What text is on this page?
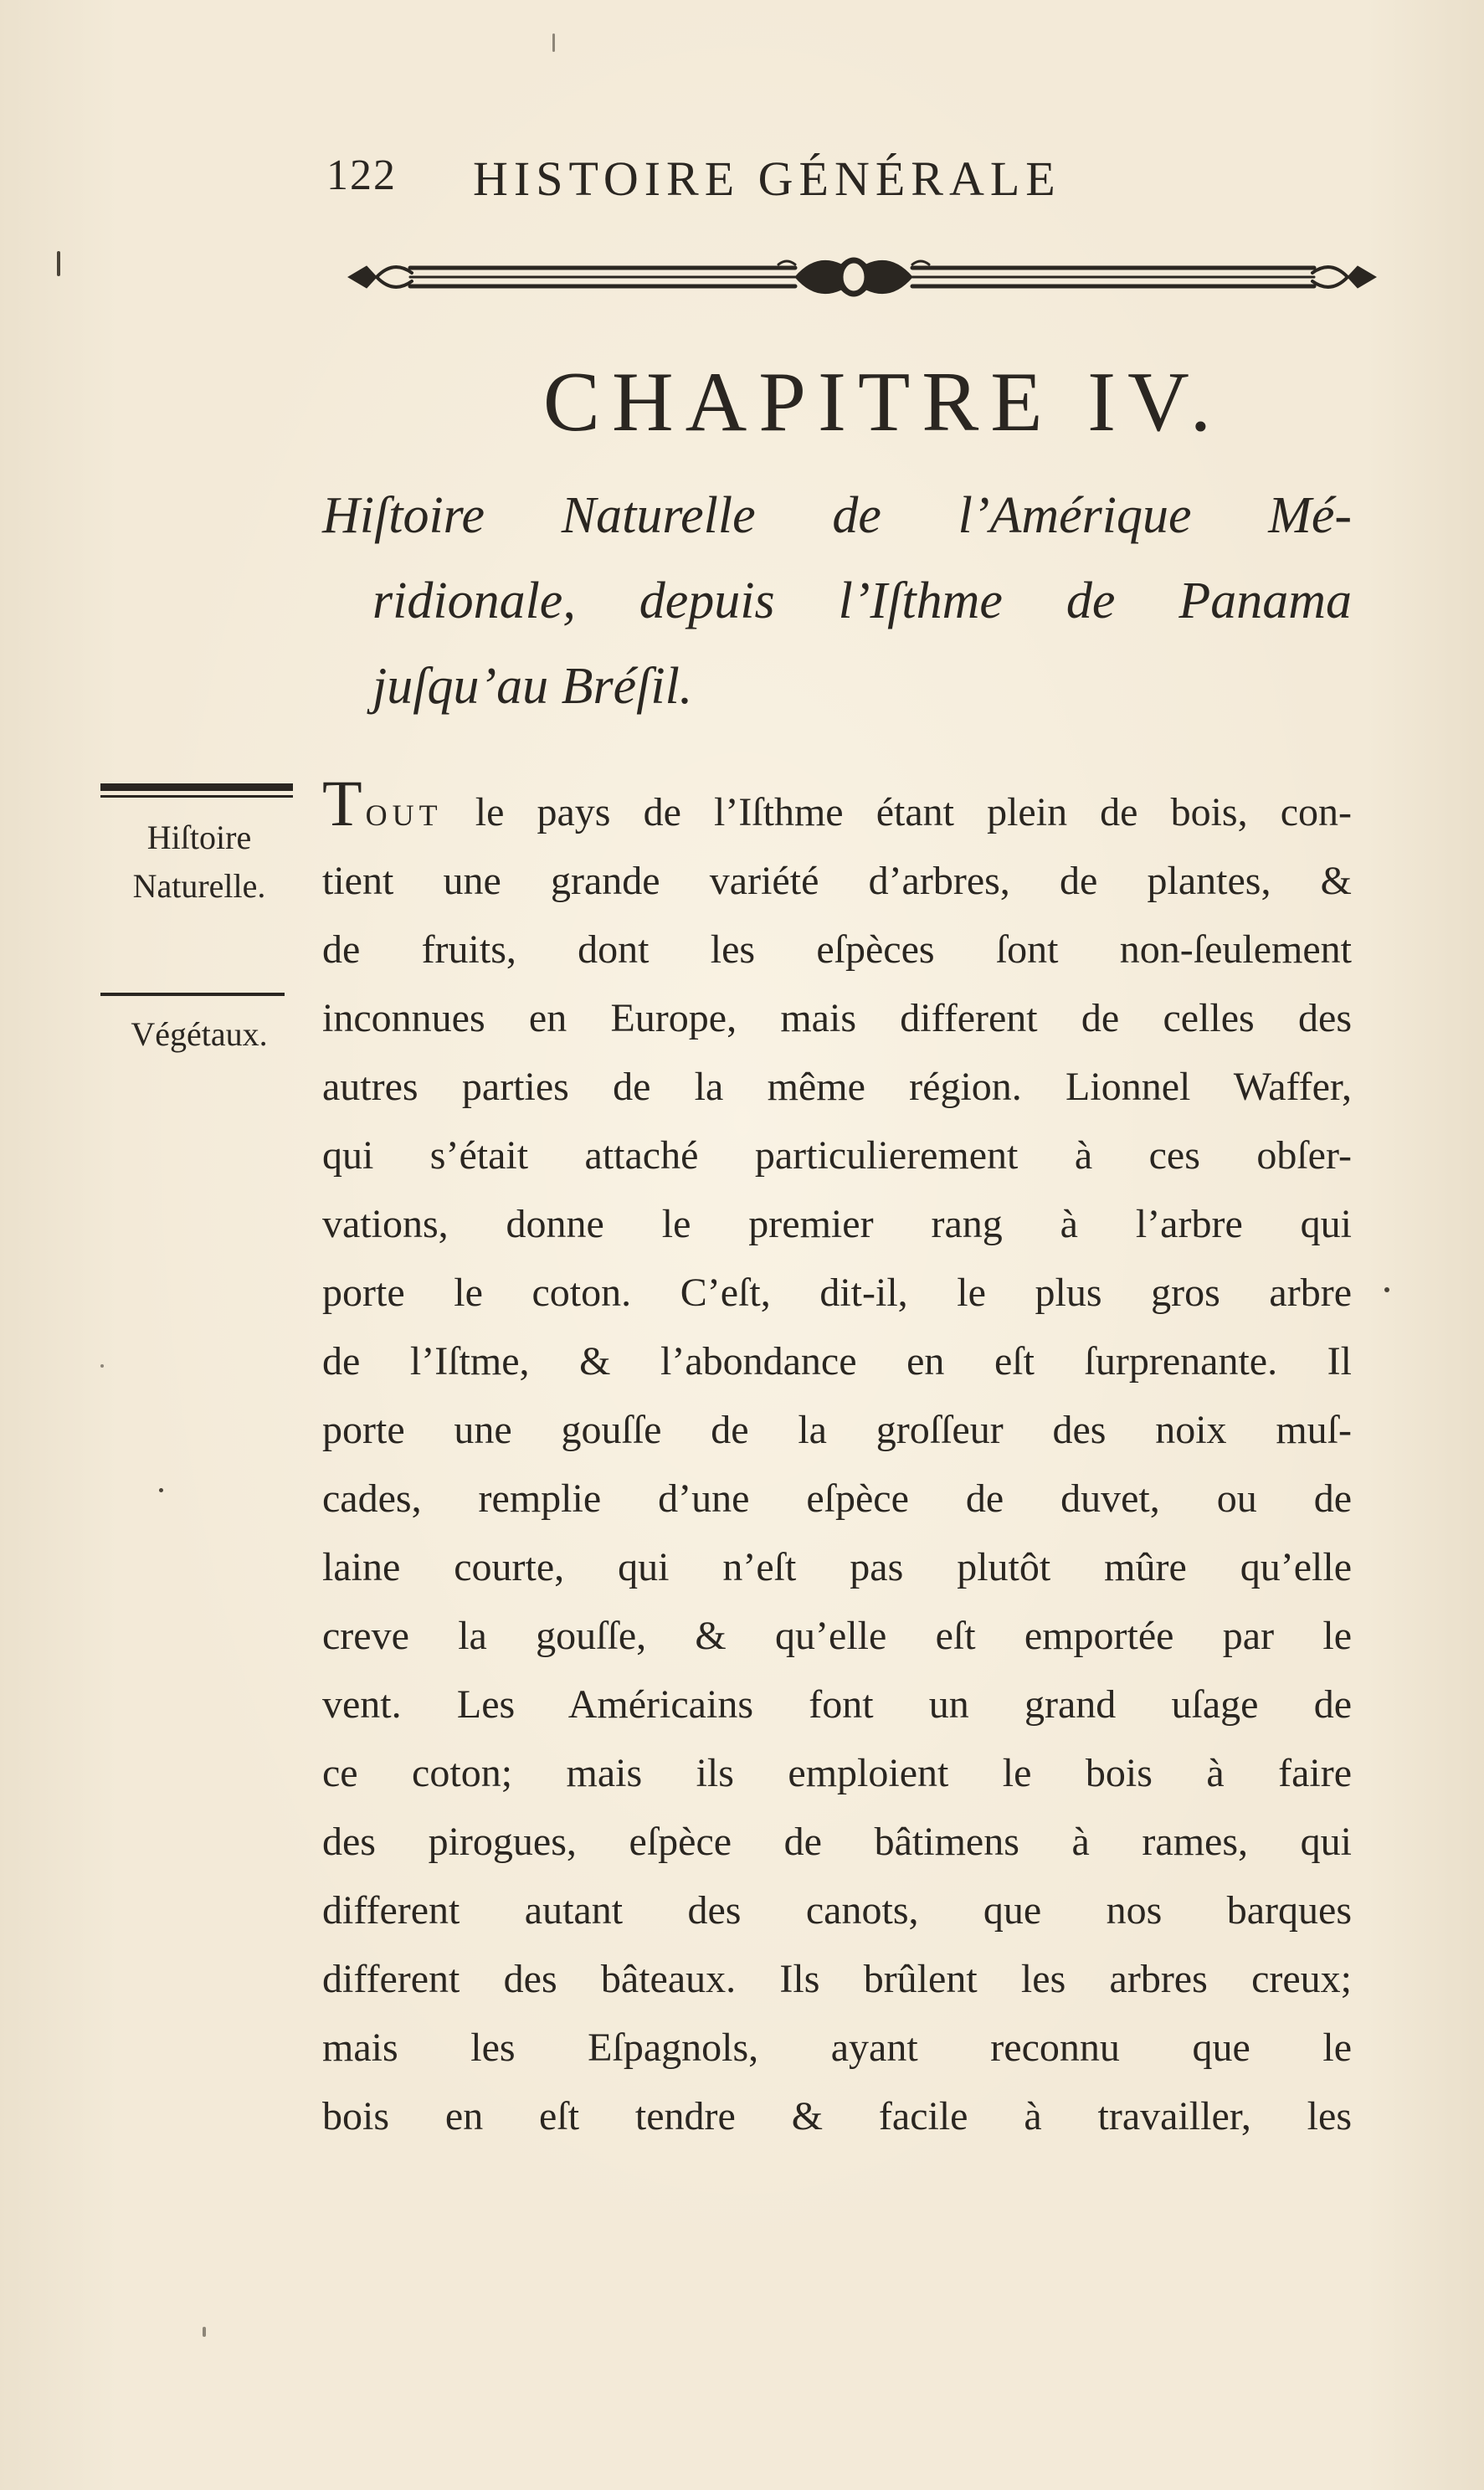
122 HISTOIRE GÉNÉRALE
CHAPITRE IV.
Hiſtoire Naturelle de l’Amérique Mé-
ridionale, depuis l’Iſthme de Panama
juſqu’au Bréſil.
Hiſtoire
Naturelle.
Végétaux.
TOUT le pays de l’Iſthme étant plein de bois, con-
tient une grande variété d’arbres, de plantes, &
de fruits, dont les eſpèces ſont non-ſeulement
inconnues en Europe, mais different de celles des
autres parties de la même région. Lionnel Waffer,
qui s’était attaché particulierement à ces obſer-
vations, donne le premier rang à l’arbre qui
porte le coton. C’eſt, dit-il, le plus gros arbre
de l’Iſtme, & l’abondance en eſt ſurprenante. Il
porte une gouſſe de la groſſeur des noix muſ-
cades, remplie d’une eſpèce de duvet, ou de
laine courte, qui n’eſt pas plutôt mûre qu’elle
creve la gouſſe, & qu’elle eſt emportée par le
vent. Les Américains font un grand uſage de
ce coton; mais ils emploient le bois à faire
des pirogues, eſpèce de bâtimens à rames, qui
different autant des canots, que nos barques
different des bâteaux. Ils brûlent les arbres creux;
mais les Eſpagnols, ayant reconnu que le
bois en eſt tendre & facile à travailler, les
